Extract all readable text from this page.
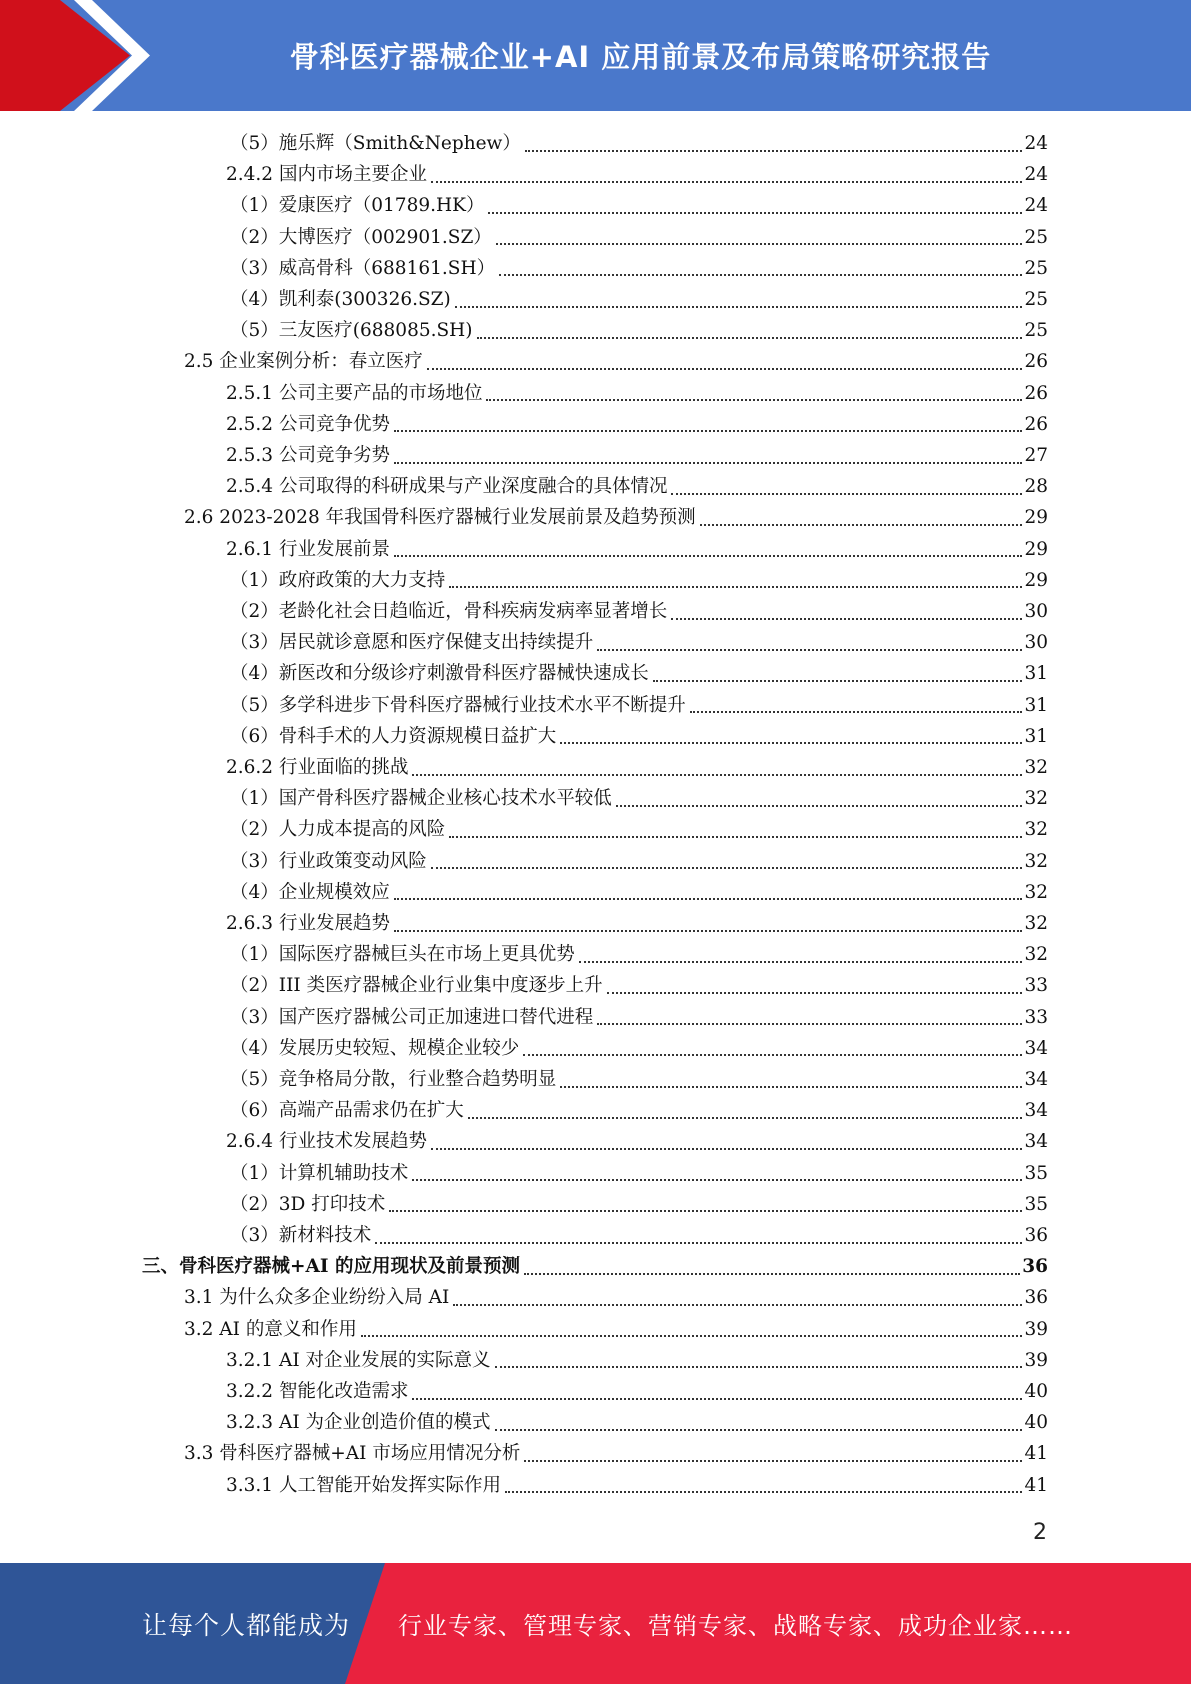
骨科医疗器械企业+AI 应用前景及布局策略研究报告
（5）施乐辉（Smith&Nephew）	24
2.4.2 国内市场主要企业	24
（1）爱康医疗（01789.HK）	24
（2）大博医疗（002901.SZ）	25
（3）威高骨科（688161.SH）	25
（4）凯利泰(300326.SZ)	25
（5）三友医疗(688085.SH)	25
2.5 企业案例分析：春立医疗	26
2.5.1 公司主要产品的市场地位	26
2.5.2 公司竞争优势	26
2.5.3 公司竞争劣势	27
2.5.4 公司取得的科研成果与产业深度融合的具体情况	28
2.6 2023-2028 年我国骨科医疗器械行业发展前景及趋势预测	29
2.6.1 行业发展前景	29
（1）政府政策的大力支持	29
（2）老龄化社会日趋临近，骨科疾病发病率显著增长	30
（3）居民就诊意愿和医疗保健支出持续提升	30
（4）新医改和分级诊疗刺激骨科医疗器械快速成长	31
（5）多学科进步下骨科医疗器械行业技术水平不断提升	31
（6）骨科手术的人力资源规模日益扩大	31
2.6.2 行业面临的挑战	32
（1）国产骨科医疗器械企业核心技术水平较低	32
（2）人力成本提高的风险	32
（3）行业政策变动风险	32
（4）企业规模效应	32
2.6.3 行业发展趋势	32
（1）国际医疗器械巨头在市场上更具优势	32
（2）III 类医疗器械企业行业集中度逐步上升	33
（3）国产医疗器械公司正加速进口替代进程	33
（4）发展历史较短、规模企业较少	34
（5）竞争格局分散，行业整合趋势明显	34
（6）高端产品需求仍在扩大	34
2.6.4 行业技术发展趋势	34
（1）计算机辅助技术	35
（2）3D 打印技术	35
（3）新材料技术	36
三、骨科医疗器械+AI 的应用现状及前景预测	36
3.1 为什么众多企业纷纷入局 AI	36
3.2 AI 的意义和作用	39
3.2.1 AI 对企业发展的实际意义	39
3.2.2 智能化改造需求	40
3.2.3 AI 为企业创造价值的模式	40
3.3 骨科医疗器械+AI 市场应用情况分析	41
3.3.1 人工智能开始发挥实际作用	41
2
让每个人都能成为 行业专家、管理专家、营销专家、战略专家、成功企业家……
